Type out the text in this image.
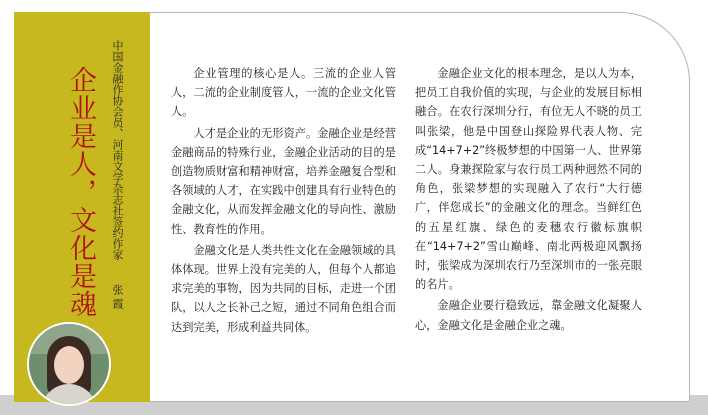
企业是人，文化是魂	中国金融作协会员、河南文学杂志社签约作家张霞

企业管理的核心是人。三流的企业人管人，二流的企业制度管人，一流的企业文化管人。

人才是企业的无形资产。金融企业是经营金融商品的特殊行业，金融企业活动的目的是创造物质财富和精神财富，培养金融复合型和各领域的人才，在实践中创建具有行业特色的金融文化，从而发挥金融文化的导向性、激励性、教育性的作用。

金融文化是人类共性文化在金融领域的具体体现。世界上没有完美的人，但每个人都追求完美的事物，因为共同的目标，走进一个团队，以人之长补己之短，通过不同角色组合而达到完美，形成利益共同体。

金融企业文化的根本理念，是以人为本，把员工自我价值的实现，与企业的发展目标相融合。在农行深圳分行，有位无人不晓的员工叫张梁，他是中国登山探险界代表人物、完成“14+7+2”终极梦想的中国第一人、世界第二人。身兼探险家与农行员工两种迥然不同的角色，张梁梦想的实现融入了农行“大行德广，伴您成长”的金融文化的理念。当鲜红色的五星红旗、绿色的麦穗农行徽标旗帜在“14+7+2”雪山巅峰、南北两极迎风飘扬时，张梁成为深圳农行乃至深圳市的一张亮眼的名片。

金融企业要行稳致远，靠金融文化凝聚人心，金融文化是金融企业之魂。
